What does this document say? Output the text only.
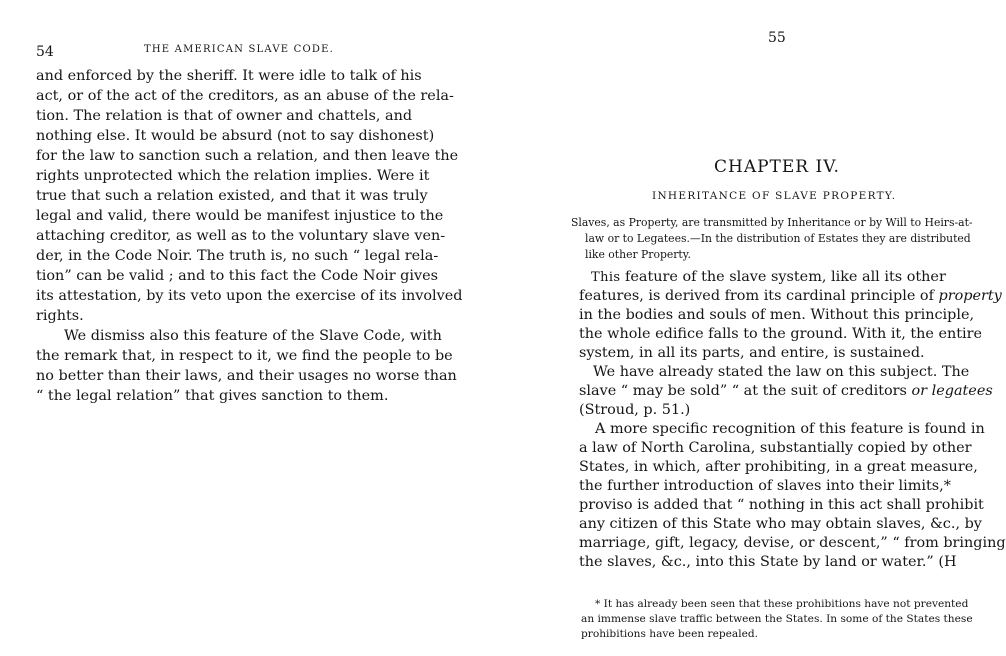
54	THE AMERICAN SLAVE CODE.

and enforced by the sheriff. It were idle to talk of his

act, or of the act of the creditors, as an abuse of the rela-

tion. The relation is that of owner and chattels, and

nothing else. It would be absurd (not to say dishonest)

for the law to sanction such a relation, and then leave the

rights unprotected which the relation implies. Were it

true that such a relation existed, and that it was truly

legal and valid, there would be manifest injustice to the

attaching creditor, as well as to the voluntary slave ven-

der, in the Code Noir. The truth is, no such “ legal rela-

tion” can be valid ; and to this fact the Code Noir gives

its attestation, by its veto upon the exercise of its involved

rights.

We dismiss also this feature of the Slave Code, with

the remark that, in respect to it, we find the people to be

no better than their laws, and their usages no worse than

“ the legal relation” that gives sanction to them.

55
CHAPTER IV.
INHERITANCE OF SLAVE PROPERTY.

Slaves, as Property, are transmitted by Inheritance or by Will to Heirs-at-

law or to Legatees.—In the distribution of Estates they are distributed

like other Property.

This feature of the slave system, like all its other

features, is derived from its cardinal principle of property

in the bodies and souls of men. Without this principle,

the whole edifice falls to the ground. With it, the entire

system, in all its parts, and entire, is sustained.

We have already stated the law on this subject. The

slave “ may be sold” “ at the suit of creditors or legatees

(Stroud, p. 51.)

A more specific recognition of this feature is found in

a law of North Carolina, substantially copied by other

States, in which, after prohibiting, in a great measure,

the further introduction of slaves into their limits,*

proviso is added that “ nothing in this act shall prohibit

any citizen of this State who may obtain slaves, &c., by

marriage, gift, legacy, devise, or descent,” “ from bringing

the slaves, &c., into this State by land or water.” (H

* It has already been seen that these prohibitions have not prevented

an immense slave traffic between the States. In some of the States these

prohibitions have been repealed.
